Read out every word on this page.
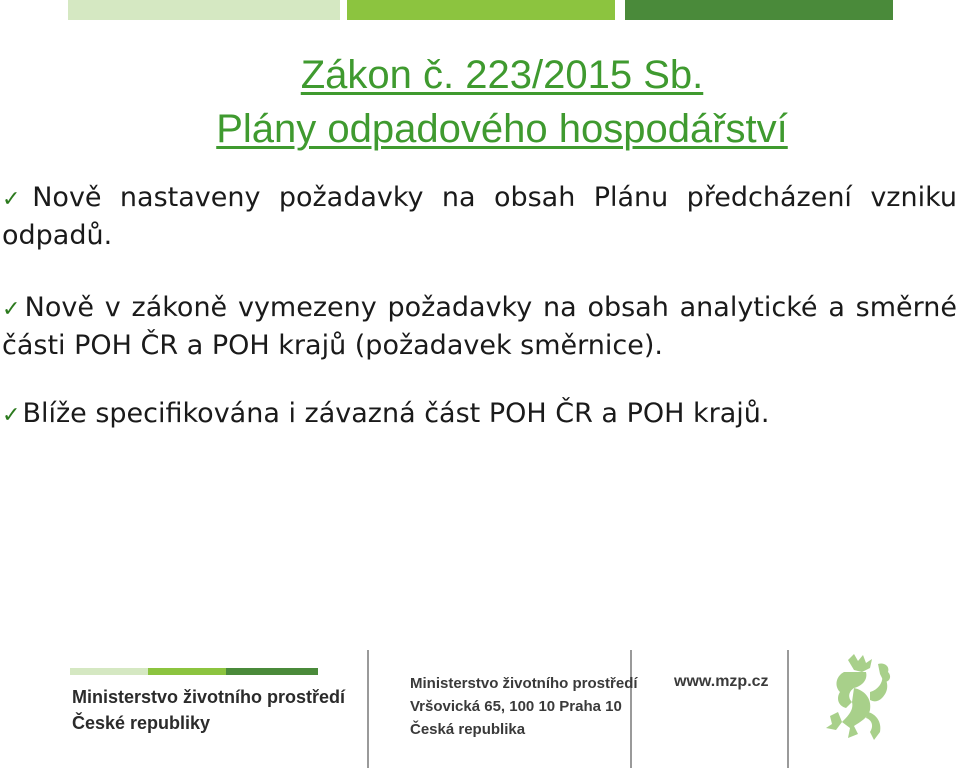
Zákon č. 223/2015 Sb.
Plány odpadového hospodářství
✓Nově nastaveny požadavky na obsah Plánu předcházení vzniku odpadů.
✓Nově v zákoně vymezeny požadavky na obsah analytické a směrné části POH ČR a POH krajů (požadavek směrnice).
✓Blíže specifikována i závazná část POH ČR a POH krajů.
Ministerstvo životního prostředí
České republiky
Ministerstvo životního prostředí
Vršovická 65, 100 10 Praha 10
Česká republika
www.mzp.cz
